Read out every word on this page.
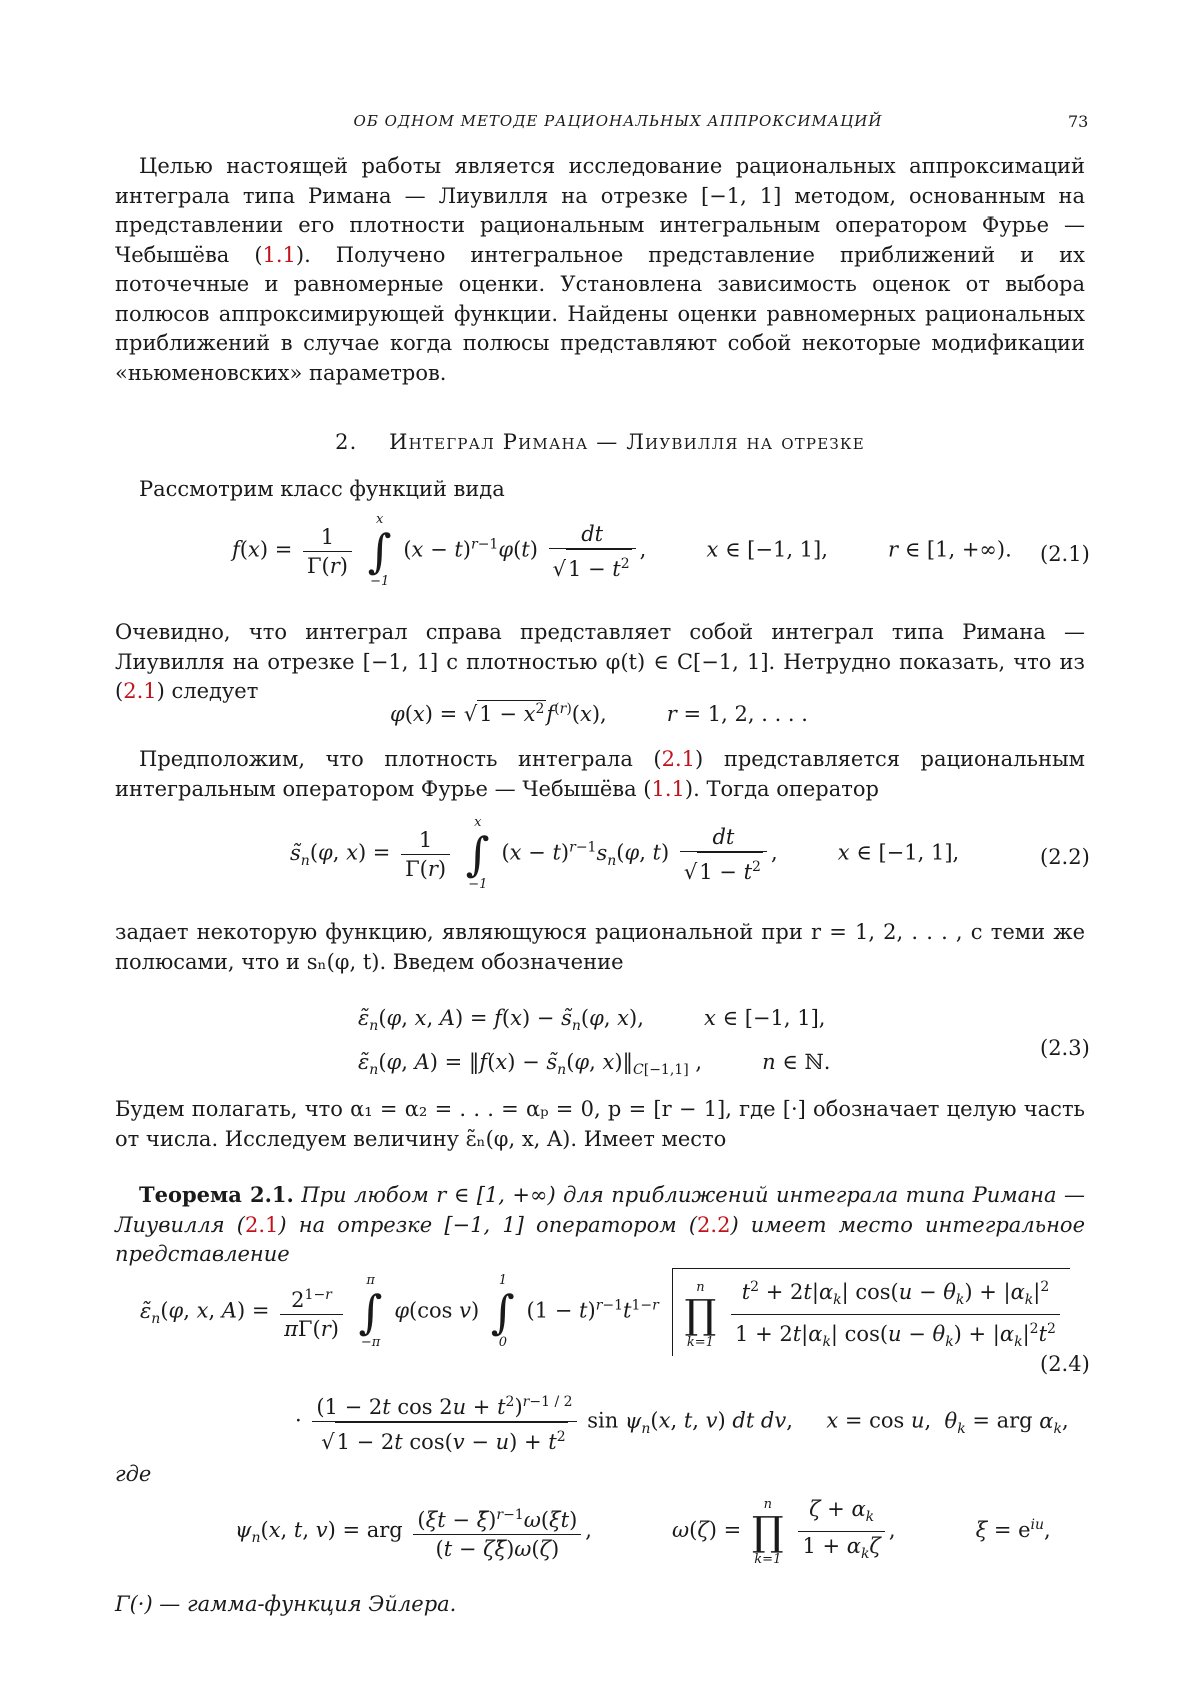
ОБ ОДНОМ МЕТОДЕ РАЦИОНАЛЬНЫХ АППРОКСИМАЦИЙ	73
Целью настоящей работы является исследование рациональных аппроксимаций интеграла типа Римана — Лиувилля на отрезке [−1, 1] методом, основанным на представлении его плотности рациональным интегральным оператором Фурье — Чебышёва (1.1). Получено интегральное представление приближений и их поточечные и равномерные оценки. Установлена зависимость оценок от выбора полюсов аппроксимирующей функции. Найдены оценки равномерных рациональных приближений в случае когда полюсы представляют собой некоторые модификации «ньюменовских» параметров.
2. Интеграл Римана — Лиувилля на отрезке
Рассмотрим класс функций вида
$f(x) = \frac{1}{\Gamma(r)}$

x
∫
−1
$(x - t)^{r-1}\varphi(t) \frac{dt}{√1 - t^2}$ ,         x ∈ [−1, 1],         r ∈ [1, +∞). (2.1)
Очевидно, что интеграл справа представляет собой интеграл типа Римана — Лиувилля на отрезке [−1, 1] с плотностью φ(t) ∈ C[−1, 1]. Нетрудно показать, что из (2.1) следует
$\varphi(x) = √1 - x^2f^{(r)}(x)$,         r = 1, 2, . . . .
Предположим, что плотность интеграла (2.1) представляется рациональным интегральным оператором Фурье — Чебышёва (1.1). Тогда оператор
$s̃_n(\varphi$, $x) = \frac{1}{\Gamma(r)}$

x
∫
−1
$(x - t)^{r-1}s_n(\varphi$, $t) \frac{dt}{√1 - t^2}$ ,         x ∈ [−1, 1],	(2.2)
задает некоторую функцию, являющуюся рациональной при r = 1, 2, . . . , с теми же полюсами, что и sₙ(φ, t). Введем обозначение
$\varepsiloñ_n(\varphi$, x, $A) = f(x) - s̃_n(\varphi$, x),         x ∈ [−1, 1],
$\varepsiloñ_n(\varphi$, A) = ‖f(x) − $s̃_n(\varphi$, $x)‖_{C[-1,1]}$ ,         n ∈ ℕ.
(2.3)
Будем полагать, что α₁ = α₂ = . . . = αₚ = 0, p = [r − 1], где [·] обозначает целую часть от числа. Исследуем величину ε̃ₙ(φ, x, A). Имеет место
Теорема 2.1. При любом r ∈ [1, +∞) для приближений интеграла типа Римана — Лиувилля (2.1) на отрезке [−1, 1] оператором (2.2) имеет место интегральное представление
$\varepsiloñ_n(\varphi$, x, $A) = \frac{2^{1-r}}{\pi\Gamma(r)}$

π
∫
−π
φ(cos v)
1
∫
0
$(1 - t)^{r-1}t^{1-r}$
n
∏
k=1
$\frac{t^2 + 2t|\alpha_k| \cos(u - \theta_k) + |\alpha_k|^2}{1 + 2t|\alpha_k| \cos(u - \theta_k) + |\alpha_k|^2t^2}$
· $\frac{(1 - 2t \cos 2u + t^2)^{r-1 / 2}}{√1 - 2t \cos(v - u) + t^2}$ $\sin \psi_n(x$, t, v) dt dv,     x = cos u,  $\theta_k$ = arg $\alpha_k$,
(2.4)
где
$\psi_n(x$, t, v) = arg $\frac{(\xi t - \xī)^{r-1}\omega(\xi t)}{(t - \zeta\xī)\omega(\zeta)}$ ,            ω(ζ) =
n
∏
k=1
$\frac{\zeta + \alpha_k}{1 + \alpha_k\zeta}$ ,            $\xi = e^{iu}$,
Γ(·) — гамма-функция Эйлера.
